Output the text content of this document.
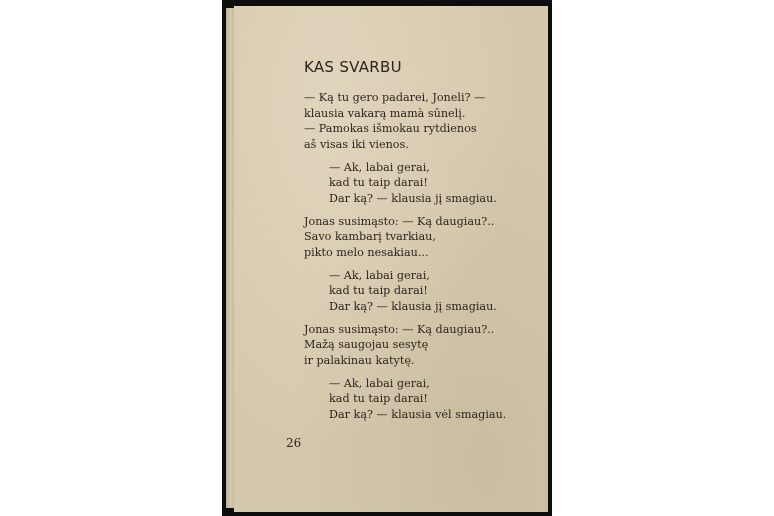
KAS SVARBU
— Ką tu gero padarei, Joneli? —
klausia vakarą mamà sūnelį.
— Pamokas išmokau rytdienos
aš visas iki vienos.
— Ak, labai gerai,
kad tu taip darai!
Dar ką? — klausia jį smagiau.
Jonas susimąsto: — Ką daugiau?..
Savo kambarį tvarkiau,
pikto melo nesakiau...
— Ak, labai gerai,
kad tu taip darai!
Dar ką? — klausia jį smagiau.
Jonas susimąsto: — Ką daugiau?..
Mažą saugojau sesytę
ir palakinau katytę.
— Ak, labai gerai,
kad tu taip darai!
Dar ką? — klausia vėl smagiau.
26
